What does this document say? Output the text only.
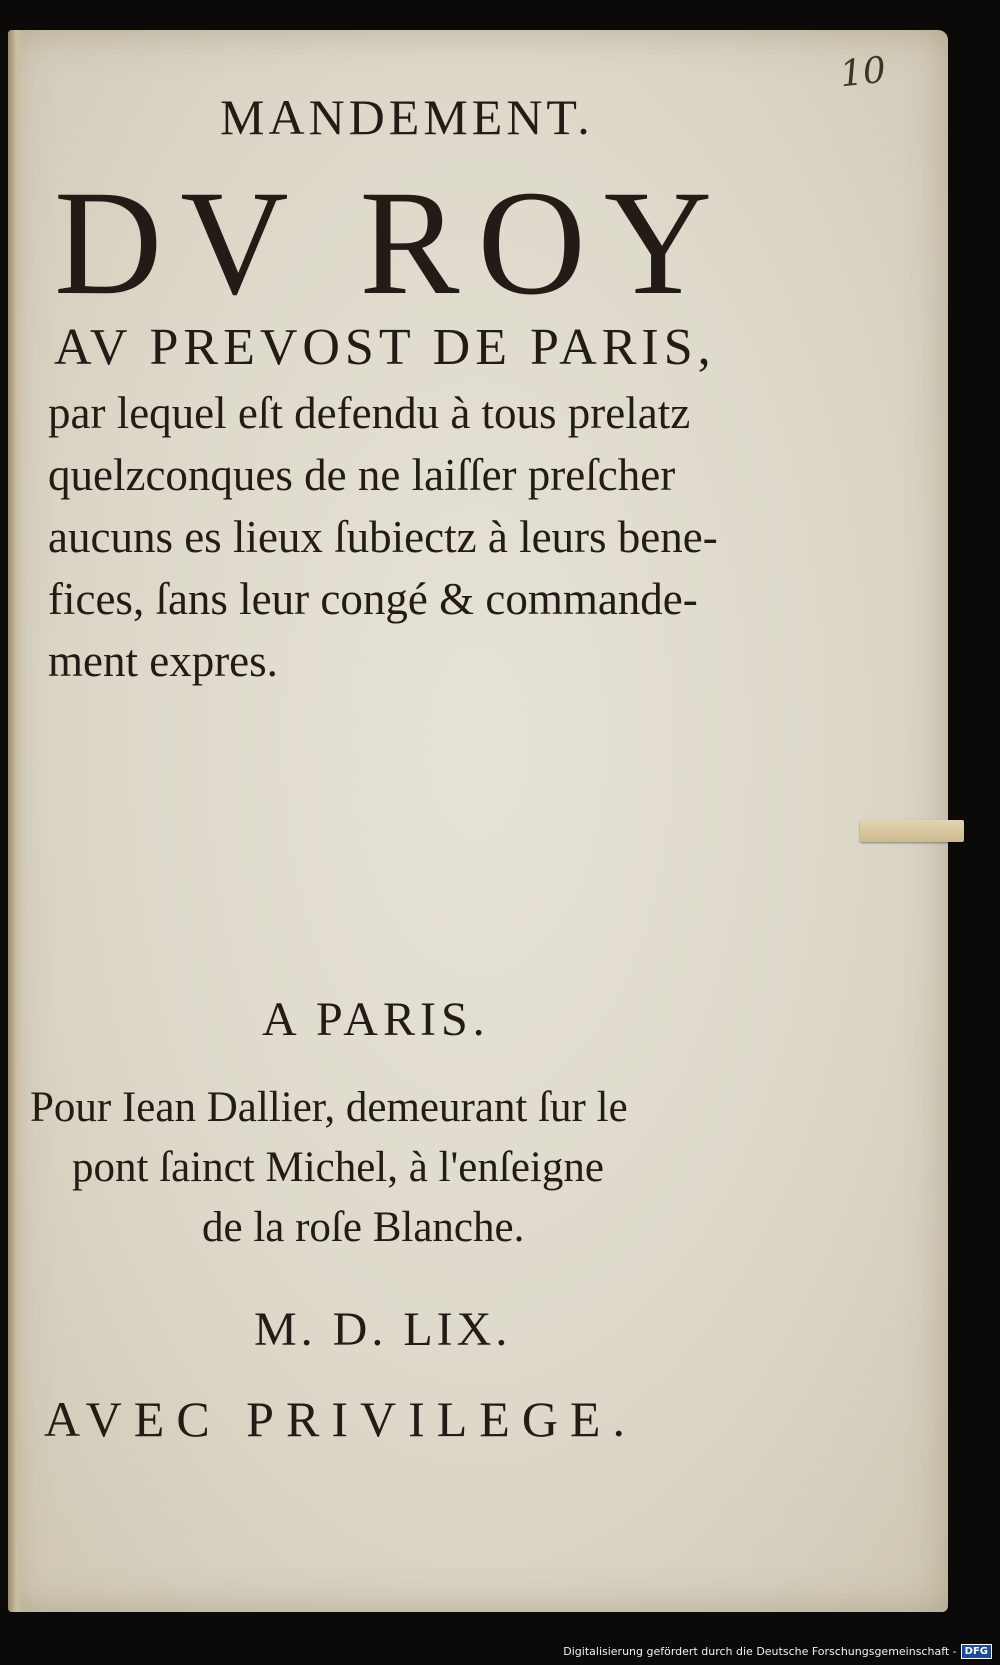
10
MANDEMENT.
DV ROY
AV PREVOST DE PARIS,
par lequel eſt defendu à tous prelatz
quelzconques de ne laiſſer preſcher
aucuns es lieux ſubiectz à leurs bene-
fices, ſans leur congé & commande-
ment expres.
A PARIS.
Pour Iean Dallier, demeurant ſur le
pont ſainct Michel, à l'enſeigne
de la roſe Blanche.
M. D. LIX.
AVEC PRIVILEGE.
Digitalisierung gefördert durch die Deutsche Forschungsgemeinschaft - DFG
